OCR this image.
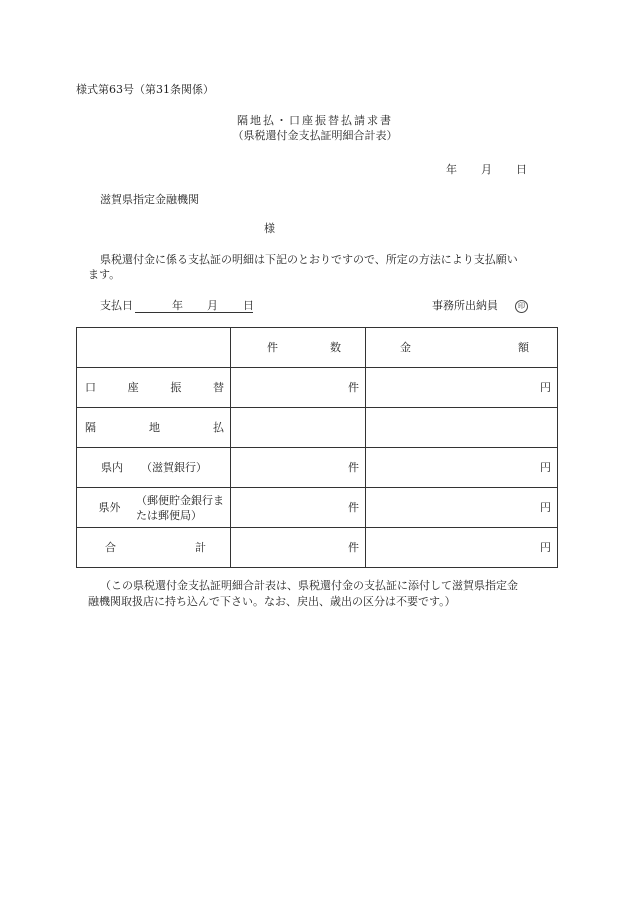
様式第63号（第31条関係）
隔地払・口座振替払請求書
（県税還付金支払証明細合計表）
年 月 日
滋賀県指定金融機関
様
県税還付金に係る支払証の明細は下記のとおりですので、所定の方法により支払願い
ます。
支払日	年 月 日	事務所出納員	印

	件 数	金 額

口 座 振 替	件	円

隔 地 払		

県内 （滋賀銀行）	件	円

県外
（郵便貯金銀行ま
たは郵便局）	件	円

合 計	件	円
（この県税還付金支払証明細合計表は、県税還付金の支払証に添付して滋賀県指定金
融機関取扱店に持ち込んで下さい。なお、戻出、歳出の区分は不要です。）
